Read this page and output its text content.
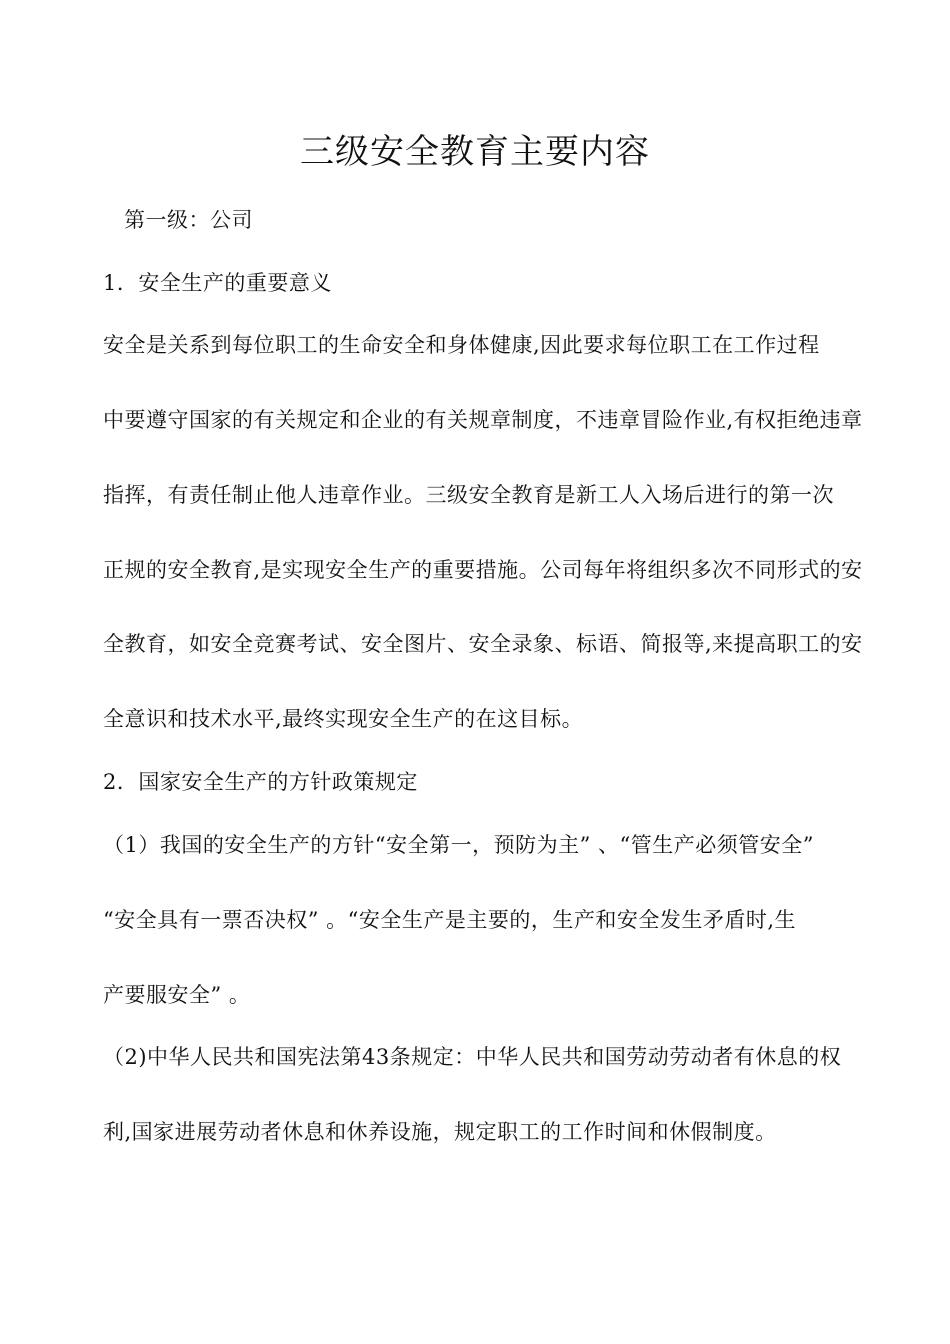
三级安全教育主要内容
第一级：公司
1．安全生产的重要意义
安全是关系到每位职工的生命安全和身体健康,因此要求每位职工在工作过程
中要遵守国家的有关规定和企业的有关规章制度，不违章冒险作业,有权拒绝违章
指挥，有责任制止他人违章作业。三级安全教育是新工人入场后进行的第一次
正规的安全教育,是实现安全生产的重要措施。公司每年将组织多次不同形式的安
全教育，如安全竞赛考试、安全图片、安全录象、标语、简报等,来提高职工的安
全意识和技术水平,最终实现安全生产的在这目标。
2．国家安全生产的方针政策规定
（1）我国的安全生产的方针“安全第一，预防为主” 、“管生产必须管安全”
“安全具有一票否决权” 。“安全生产是主要的，生产和安全发生矛盾时,生
产要服安全” 。
（2)中华人民共和国宪法第43条规定：中华人民共和国劳动劳动者有休息的权
利,国家进展劳动者休息和休养设施，规定职工的工作时间和休假制度。
